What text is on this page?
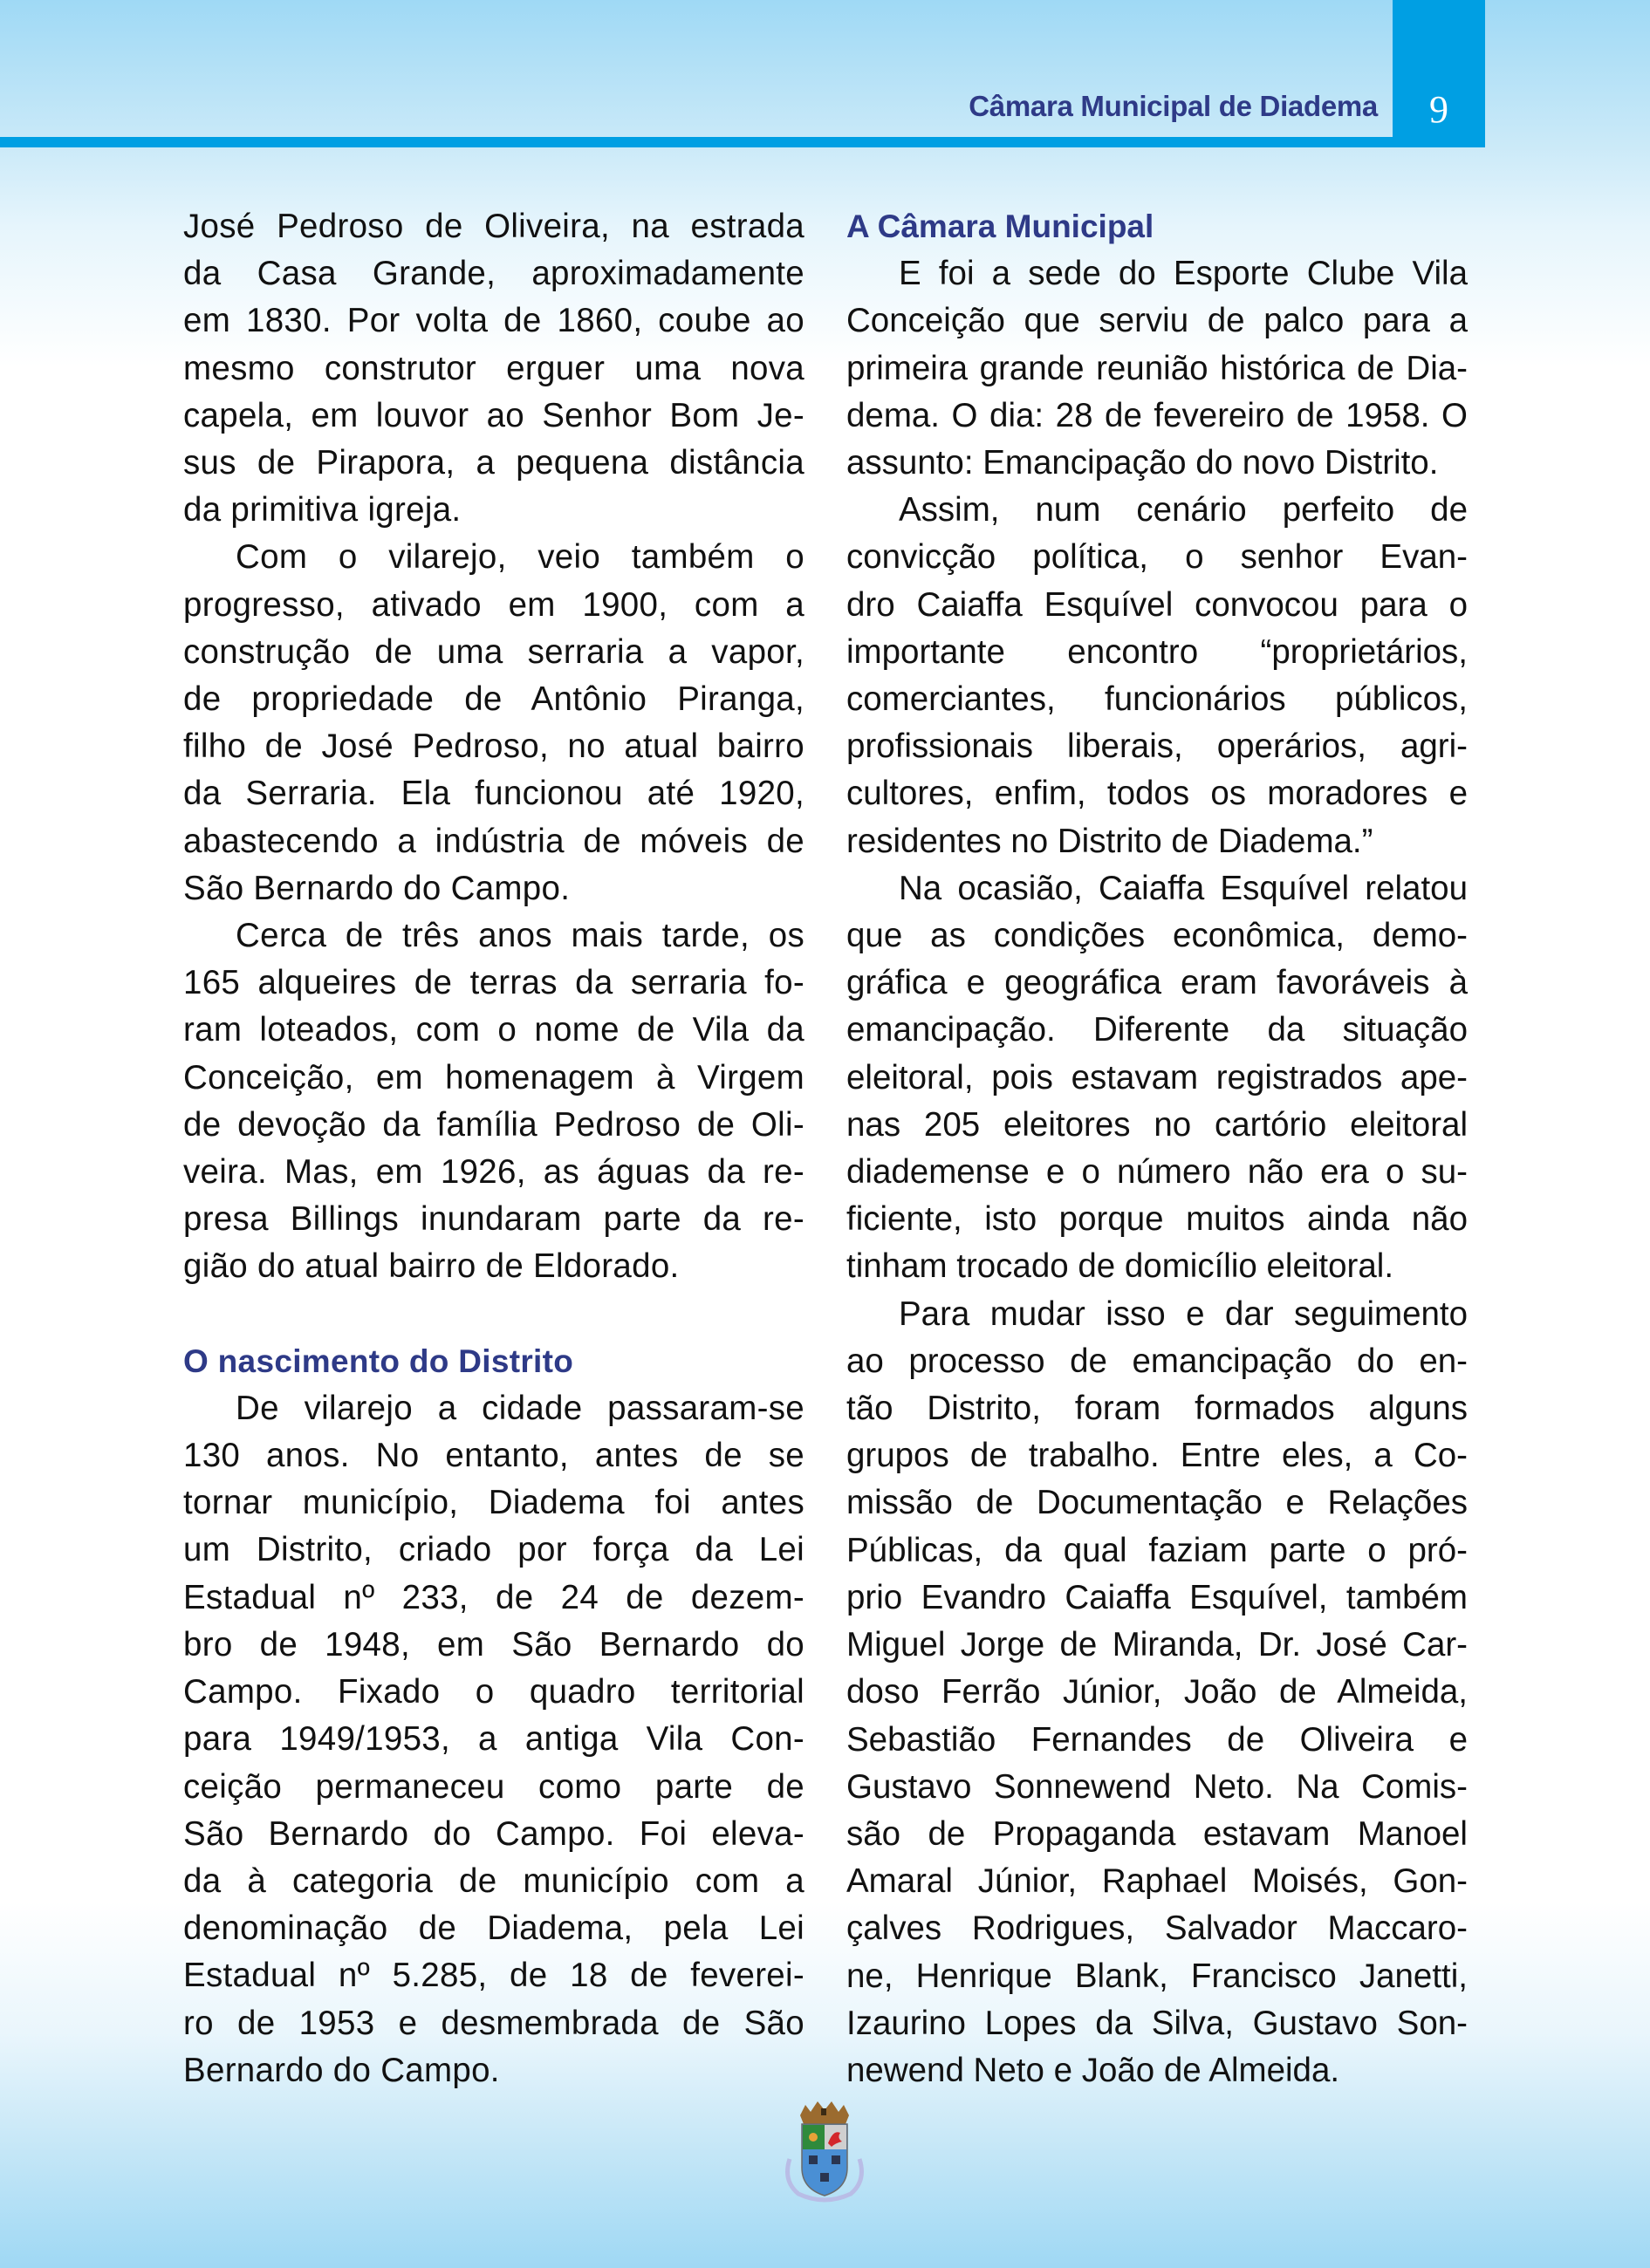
Câmara Municipal de Diadema	9
José Pedroso de Oliveira, na estrada
da Casa Grande, aproximadamente
em 1830. Por volta de 1860, coube ao
mesmo construtor erguer uma nova
capela, em louvor ao Senhor Bom Je-
sus de Pirapora, a pequena distância
da primitiva igreja.
Com o vilarejo, veio também o
progresso, ativado em 1900, com a
construção de uma serraria a vapor,
de propriedade de Antônio Piranga,
filho de José Pedroso, no atual bairro
da Serraria. Ela funcionou até 1920,
abastecendo a indústria de móveis de
São Bernardo do Campo.
Cerca de três anos mais tarde, os
165 alqueires de terras da serraria fo-
ram loteados, com o nome de Vila da
Conceição, em homenagem à Virgem
de devoção da família Pedroso de Oli-
veira. Mas, em 1926, as águas da re-
presa Billings inundaram parte da re-
gião do atual bairro de Eldorado.
O nascimento do Distrito
De vilarejo a cidade passaram-se
130 anos. No entanto, antes de se
tornar município, Diadema foi antes
um Distrito, criado por força da Lei
Estadual nº 233, de 24 de dezem-
bro de 1948, em São Bernardo do
Campo. Fixado o quadro territorial
para 1949/1953, a antiga Vila Con-
ceição permaneceu como parte de
São Bernardo do Campo. Foi eleva-
da à categoria de município com a
denominação de Diadema, pela Lei
Estadual nº 5.285, de 18 de feverei-
ro de 1953 e desmembrada de São
Bernardo do Campo.
A Câmara Municipal
E foi a sede do Esporte Clube Vila
Conceição que serviu de palco para a
primeira grande reunião histórica de Dia-
dema. O dia: 28 de fevereiro de 1958. O
assunto: Emancipação do novo Distrito.
Assim, num cenário perfeito de
convicção política, o senhor Evan-
dro Caiaffa Esquível convocou para o
importante encontro “proprietários,
comerciantes, funcionários públicos,
profissionais liberais, operários, agri-
cultores, enfim, todos os moradores e
residentes no Distrito de Diadema.”
Na ocasião, Caiaffa Esquível relatou
que as condições econômica, demo-
gráfica e geográfica eram favoráveis à
emancipação. Diferente da situação
eleitoral, pois estavam registrados ape-
nas 205 eleitores no cartório eleitoral
diademense e o número não era o su-
ficiente, isto porque muitos ainda não
tinham trocado de domicílio eleitoral.
Para mudar isso e dar seguimento
ao processo de emancipação do en-
tão Distrito, foram formados alguns
grupos de trabalho. Entre eles, a Co-
missão de Documentação e Relações
Públicas, da qual faziam parte o pró-
prio Evandro Caiaffa Esquível, também
Miguel Jorge de Miranda, Dr. José Car-
doso Ferrão Júnior, João de Almeida,
Sebastião Fernandes de Oliveira e
Gustavo Sonnewend Neto. Na Comis-
são de Propaganda estavam Manoel
Amaral Júnior, Raphael Moisés, Gon-
çalves Rodrigues, Salvador Maccaro-
ne, Henrique Blank, Francisco Janetti,
Izaurino Lopes da Silva, Gustavo Son-
newend Neto e João de Almeida.
